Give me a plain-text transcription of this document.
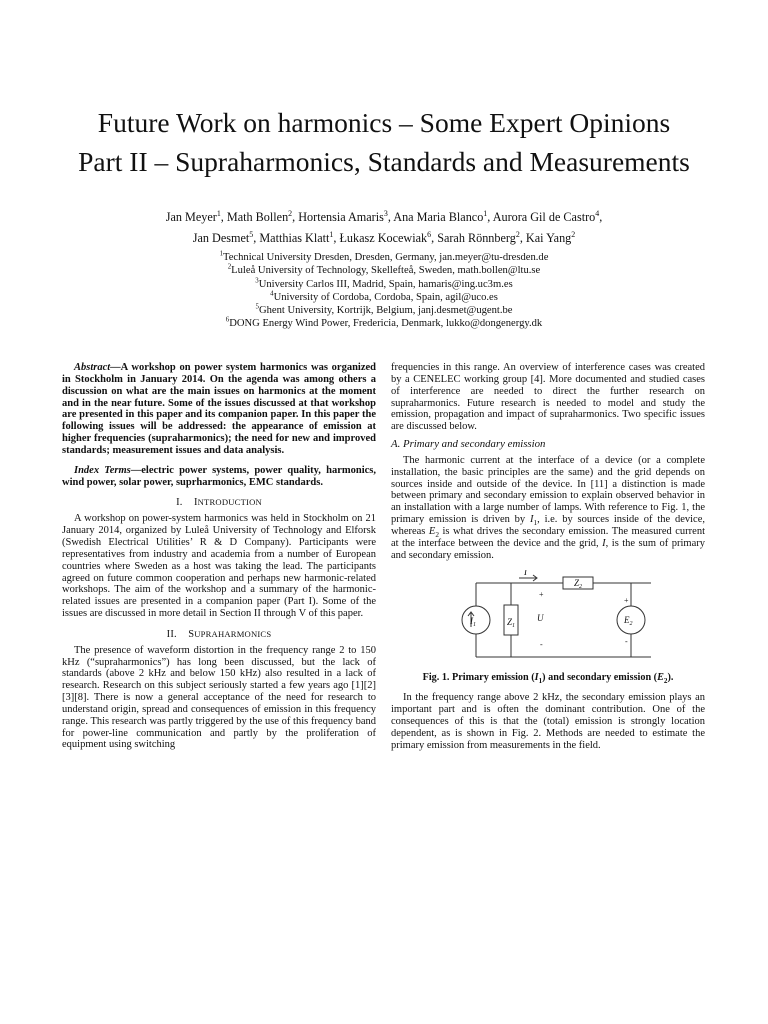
Future Work on harmonics – Some Expert Opinions
Part II – Supraharmonics, Standards and Measurements
Jan Meyer$^1$, Math Bollen$^2$, Hortensia Amaris$^3$, Ana Maria Blanco$^1$, Aurora Gil de Castro$^4$,
Jan Desmet$^5$, Matthias Klatt$^1$, Łukasz Kocewiak$^6$, Sarah Rönnberg$^2$, Kai Yang$^2$
$^1$Technical University Dresden, Dresden, Germany, jan.meyer@tu-dresden.de
$^2$Luleå University of Technology, Skellefteå, Sweden, math.bollen@ltu.se
$^3$University Carlos III, Madrid, Spain, hamaris@ing.uc3m.es
$^4$University of Cordoba, Cordoba, Spain, agil@uco.es
$^5$Ghent University, Kortrijk, Belgium, janj.desmet@ugent.be
$^6$DONG Energy Wind Power, Fredericia, Denmark, lukko@dongenergy.dk

Abstract—A workshop on power system harmonics was organized in Stockholm in January 2014. On the agenda was among others a discussion on what are the main issues on harmonics at the moment and in the near future. Some of the issues discussed at that workshop are presented in this paper and its companion paper. In this paper the following issues will be addressed: the appearance of emission at higher frequencies (supraharmonics); the need for new and improved standards; measurement issues and data analysis.

Index Terms—electric power systems, power quality, harmonics, wind power, solar power, suprharmonics, EMC standards.

I. INTRODUCTION

A workshop on power-system harmonics was held in Stockholm on 21 January 2014, organized by Luleå University of Technology and Elforsk (Swedish Electrical Utilities’ R & D Company). Participants were representatives from industry and academia from a number of European countries where Sweden as a host was taking the lead. The participants agreed on future common cooperation and perhaps new harmonic-related workshops. The aim of the workshop and a summary of the harmonic-related issues are presented in a companion paper (Part I). Some of the issues are discussed in more detail in Section II through V of this paper.

II. SUPRAHARMONICS

The presence of waveform distortion in the frequency range 2 to 150 kHz (“supraharmonics”) has long been discussed, but the lack of standards (above 2 kHz and below 150 kHz) also resulted in a lack of research. Research on this subject seriously started a few years ago [1][2][3][8]. There is now a general acceptance of the need for research to understand origin, spread and consequences of emission in this frequency range. This research was partly triggered by the use of this frequency band for power-line communication and partly by the proliferation of equipment using switching

frequencies in this range. An overview of interference cases was created by a CENELEC working group [4]. More documented and studied cases of interference are needed to direct the further research on supraharmonics. Future research is needed to model and study the emission, propagation and impact of supraharmonics. Two specific issues are discussed below.

A. Primary and secondary emission

The harmonic current at the interface of a device (or a complete installation, the basic principles are the same) and the grid depends on sources inside and outside of the device. In [11] a distinction is made between primary and secondary emission to explain observed behavior in an installation with a large number of lamps. With reference to Fig. 1, the primary emission is driven by $I_1$, i.e. by sources inside of the device, whereas $E_2$ is what drives the secondary emission. The measured current at the interface between the device and the grid, I, is the sum of primary and secondary emission.

$I_1$	$Z_1$
$Z_2$
$E_2$
U
I
+
-
+
-
Fig. 1. Primary emission $(I_1)$ and secondary emission $(E_2)$.

In the frequency range above 2 kHz, the secondary emission plays an important part and is often the dominant contribution. One of the consequences of this is that the (total) emission is strongly location dependent, as is shown in Fig. 2. Methods are needed to estimate the primary emission from measurements in the field.
